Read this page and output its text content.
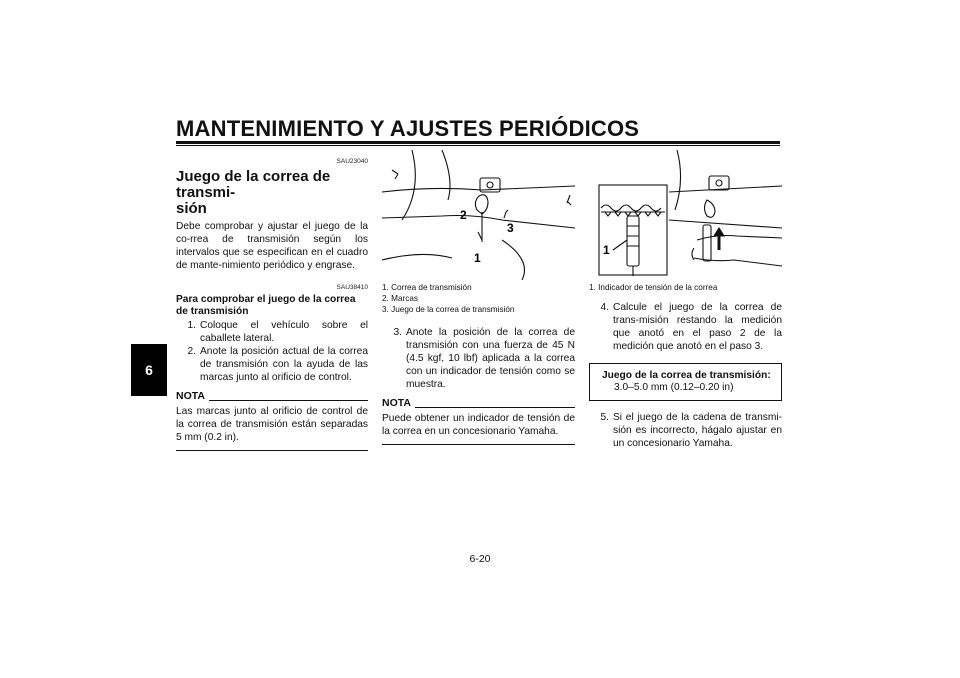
MANTENIMIENTO Y AJUSTES PERIÓDICOS
6
SAU23040
Juego de la correa de transmi-
sión
Debe comprobar y ajustar el juego de la co-rrea de transmisión según los intervalos que se especifican en el cuadro de mante-nimiento periódico y engrase.
SAU38410
Para comprobar el juego de la correa de transmisión
1. Coloque el vehículo sobre el caballete lateral.
2. Anote la posición actual de la correa de transmisión con la ayuda de las marcas junto al orificio de control.
NOTA
Las marcas junto al orificio de control de la correa de transmisión están separadas 5 mm (0.2 in).
2
3
1
1. Correa de transmisión
2. Marcas
3. Juego de la correa de transmisión
3. Anote la posición de la correa de transmisión con una fuerza de 45 N (4.5 kgf, 10 lbf) aplicada a la correa con un indicador de tensión como se muestra.
NOTA
Puede obtener un indicador de tensión de la correa en un concesionario Yamaha.
1
1. Indicador de tensión de la correa
4. Calcule el juego de la correa de trans-misión restando la medición que anotó en el paso 2 de la medición que anotó en el paso 3.
Juego de la correa de transmisión:
3.0–5.0 mm (0.12–0.20 in)
5. Si el juego de la cadena de transmi-sión es incorrecto, hágalo ajustar en un concesionario Yamaha.
6-20
